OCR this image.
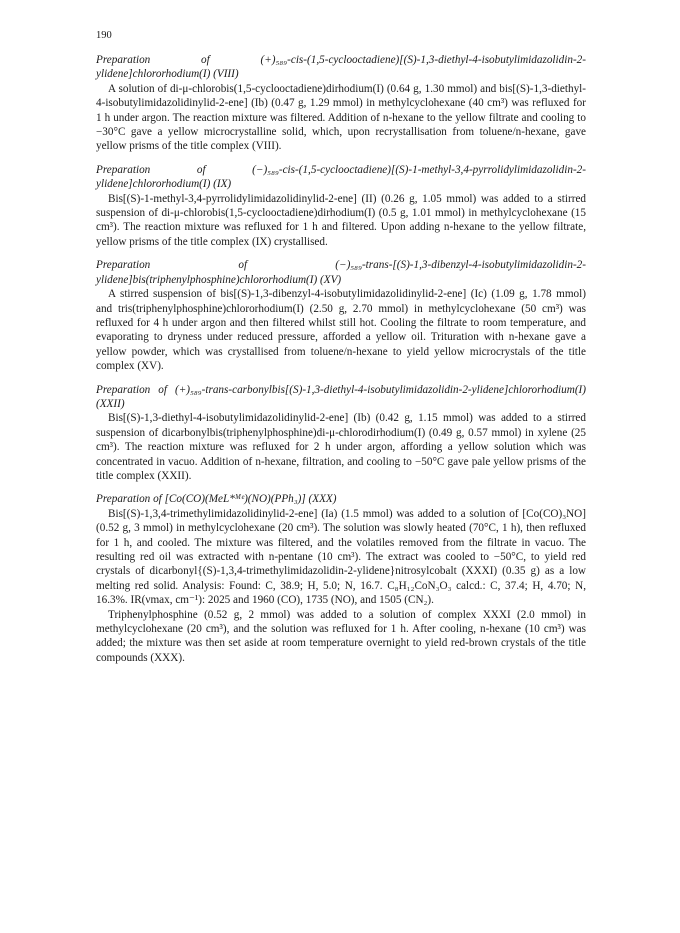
190

Preparation of (+)₅₈₉-cis-(1,5-cyclooctadiene)[(S)-1,3-diethyl-4-isobutylimidazolidin-2-ylidene]chlororhodium(I) (VIII)

A solution of di-μ-chlorobis(1,5-cyclooctadiene)dirhodium(I) (0.64 g, 1.30 mmol) and bis[(S)-1,3-diethyl-4-isobutylimidazolidinylid-2-ene] (Ib) (0.47 g, 1.29 mmol) in methylcyclohexane (40 cm³) was refluxed for 1 h under argon. The reaction mixture was filtered. Addition of n-hexane to the yellow filtrate and cooling to −30°C gave a yellow microcrystalline solid, which, upon recrystallisation from toluene/n-hexane, gave yellow prisms of the title complex (VIII).

Preparation of (−)₅₈₉-cis-(1,5-cyclooctadiene)[(S)-1-methyl-3,4-pyrrolidylimidazolidin-2-ylidene]chlororhodium(I) (IX)

Bis[(S)-1-methyl-3,4-pyrrolidylimidazolidinylid-2-ene] (II) (0.26 g, 1.05 mmol) was added to a stirred suspension of di-μ-chlorobis(1,5-cyclooctadiene)dirhodium(I) (0.5 g, 1.01 mmol) in methylcyclohexane (15 cm³). The reaction mixture was refluxed for 1 h and filtered. Upon adding n-hexane to the yellow filtrate, yellow prisms of the title complex (IX) crystallised.

Preparation of (−)₅₈₉-trans-[(S)-1,3-dibenzyl-4-isobutylimidazolidin-2-ylidene]bis(triphenylphosphine)chlororhodium(I) (XV)

A stirred suspension of bis[(S)-1,3-dibenzyl-4-isobutylimidazolidinylid-2-ene] (Ic) (1.09 g, 1.78 mmol) and tris(triphenylphosphine)chlororhodium(I) (2.50 g, 2.70 mmol) in methylcyclohexane (50 cm³) was refluxed for 4 h under argon and then filtered whilst still hot. Cooling the filtrate to room temperature, and evaporating to dryness under reduced pressure, afforded a yellow oil. Trituration with n-hexane gave a yellow powder, which was crystallised from toluene/n-hexane to yield yellow microcrystals of the title complex (XV).

Preparation of (+)₅₈₉-trans-carbonylbis[(S)-1,3-diethyl-4-isobutylimidazolidin-2-ylidene]chlororhodium(I) (XXII)

Bis[(S)-1,3-diethyl-4-isobutylimidazolidinylid-2-ene] (Ib) (0.42 g, 1.15 mmol) was added to a stirred suspension of dicarbonylbis(triphenylphosphine)di-μ-chlorodirhodium(I) (0.49 g, 0.57 mmol) in xylene (25 cm³). The reaction mixture was refluxed for 2 h under argon, affording a yellow solution which was concentrated in vacuo. Addition of n-hexane, filtration, and cooling to −50°C gave pale yellow prisms of the title complex (XXII).

Preparation of [Co(CO)(MeL*ᴹᵉ)(NO)(PPh₃)] (XXX)

Bis[(S)-1,3,4-trimethylimidazolidinylid-2-ene] (Ia) (1.5 mmol) was added to a solution of [Co(CO)₃NO] (0.52 g, 3 mmol) in methylcyclohexane (20 cm³). The solution was slowly heated (70°C, 1 h), then refluxed for 1 h, and cooled. The mixture was filtered, and the volatiles removed from the filtrate in vacuo. The resulting red oil was extracted with n-pentane (10 cm³). The extract was cooled to −50°C, to yield red crystals of dicarbonyl{(S)-1,3,4-trimethylimidazolidin-2-ylidene}nitrosylcobalt (XXXI) (0.35 g) as a low melting red solid. Analysis: Found: C, 38.9; H, 5.0; N, 16.7. C₈H₁₂CoN₃O₃ calcd.: C, 37.4; H, 4.70; N, 16.3%. IR(νmax, cm⁻¹): 2025 and 1960 (CO), 1735 (NO), and 1505 (CN₂).

Triphenylphosphine (0.52 g, 2 mmol) was added to a solution of complex XXXI (2.0 mmol) in methylcyclohexane (20 cm³), and the solution was refluxed for 1 h. After cooling, n-hexane (10 cm³) was added; the mixture was then set aside at room temperature overnight to yield red-brown crystals of the title compounds (XXX).
